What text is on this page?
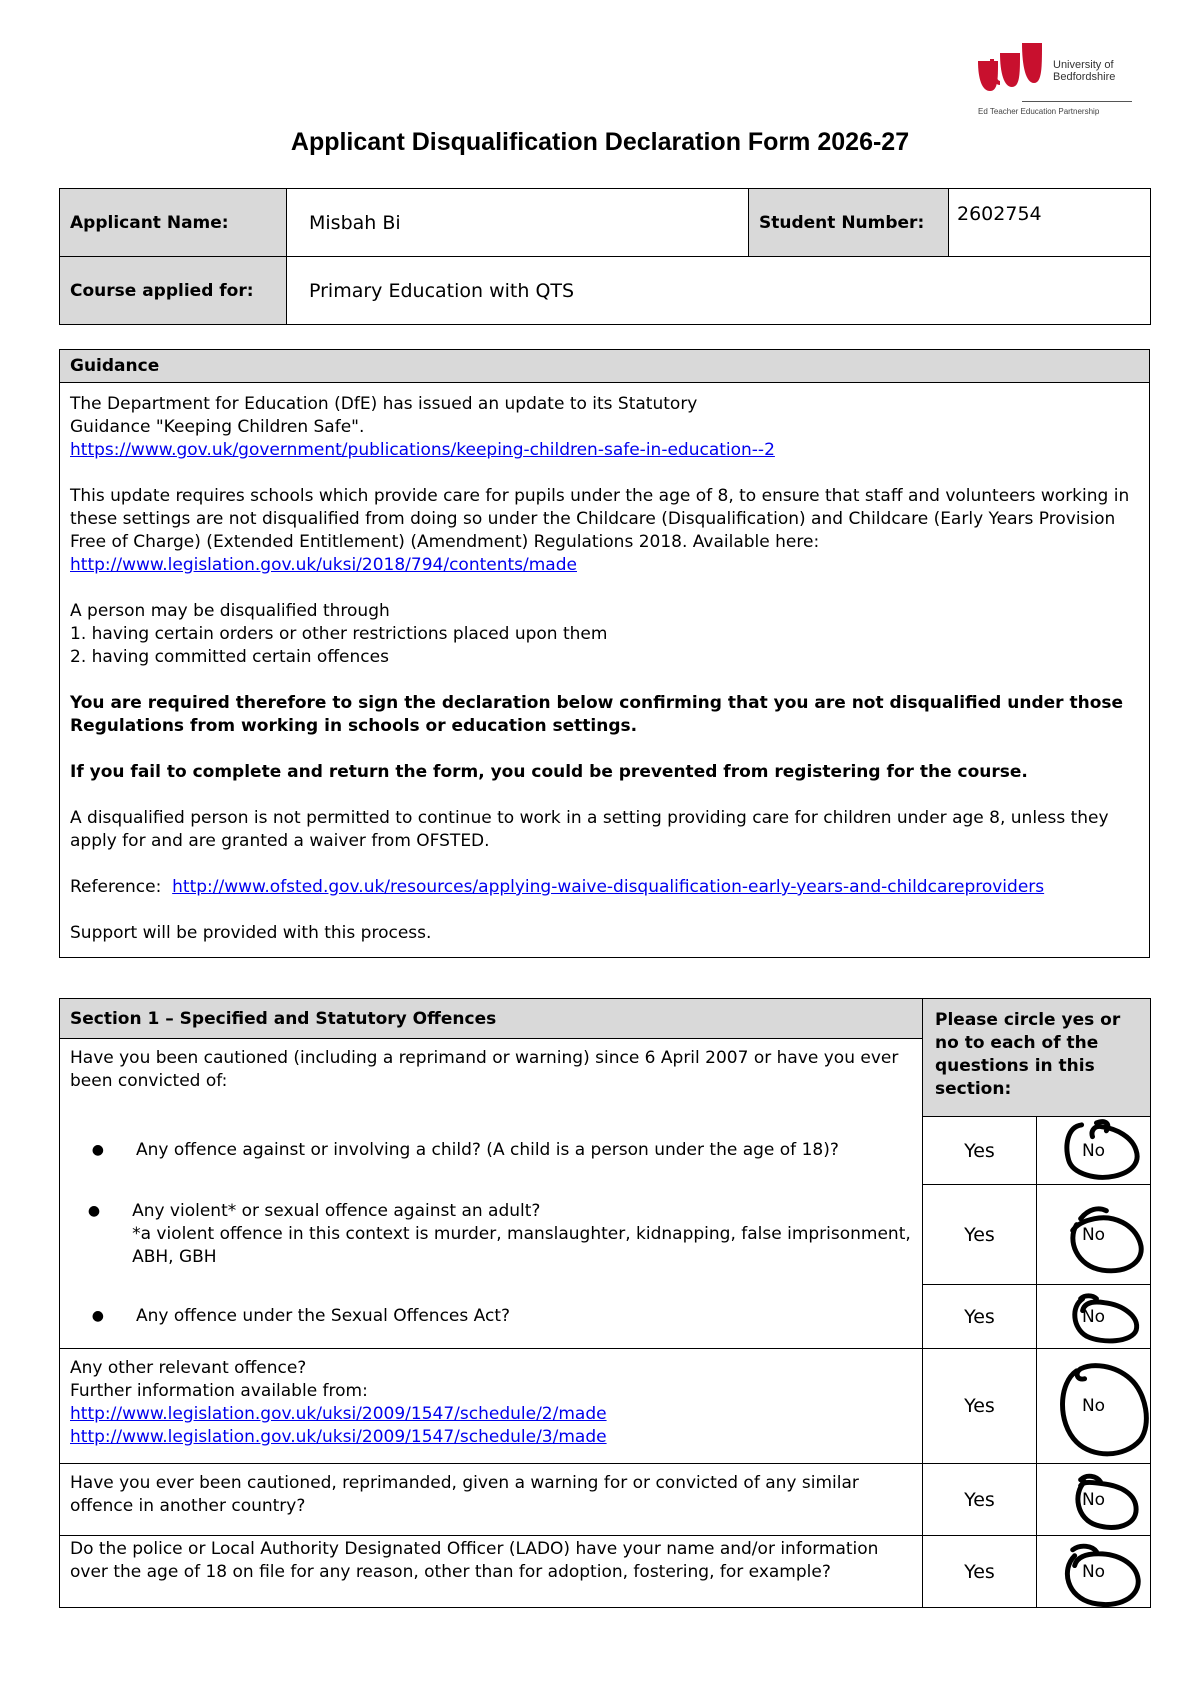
University of
Bedfordshire
Ed Teacher Education Partnership
Applicant Disqualification Declaration Form 2026-27
Applicant Name:	Misbah Bi	Student Number:	2602754
Course applied for:	Primary Education with QTS		
Guidance

The Department for Education (DfE) has issued an update to its Statutory
Guidance "Keeping Children Safe".
https://www.gov.uk/government/publications/keeping-children-safe-in-education--2

This update requires schools which provide care for pupils under the age of 8, to ensure that staff and volunteers working in these settings are not disqualified from doing so under the Childcare (Disqualification) and Childcare (Early Years Provision Free of Charge) (Extended Entitlement) (Amendment) Regulations 2018. Available here:
http://www.legislation.gov.uk/uksi/2018/794/contents/made

A person may be disqualified through
1. having certain orders or other restrictions placed upon them
2. having committed certain offences

You are required therefore to sign the declaration below confirming that you are not disqualified under those Regulations from working in schools or education settings.

If you fail to complete and return the form, you could be prevented from registering for the course.

A disqualified person is not permitted to continue to work in a setting providing care for children under age 8, unless they apply for and are granted a waiver from OFSTED.

Reference: http://www.ofsted.gov.uk/resources/applying-waive-disqualification-early-years-and-childcareproviders

Support will be provided with this process.

Section 1 – Specified and Statutory Offences	Please circle yes or no to each of the questions in this section:	
Have you been cautioned (including a reprimand or warning) since 6 April 2007 or have you ever been convicted of:		

● Any offence against or involving a child? (A child is a person under the age of 18)?	Yes	No

● Any violent* or sexual offence against an adult?
*a violent offence in this context is murder, manslaughter, kidnapping, false imprisonment, ABH, GBH	Yes	No

● Any offence under the Sexual Offences Act?	Yes	No

Any other relevant offence?
Further information available from:
http://www.legislation.gov.uk/uksi/2009/1547/schedule/2/made
http://www.legislation.gov.uk/uksi/2009/1547/schedule/3/made	Yes	No

Have you ever been cautioned, reprimanded, given a warning for or convicted of any similar offence in another country?	Yes	No

Do the police or Local Authority Designated Officer (LADO) have your name and/or information over the age of 18 on file for any reason, other than for adoption, fostering, for example?	Yes	No
